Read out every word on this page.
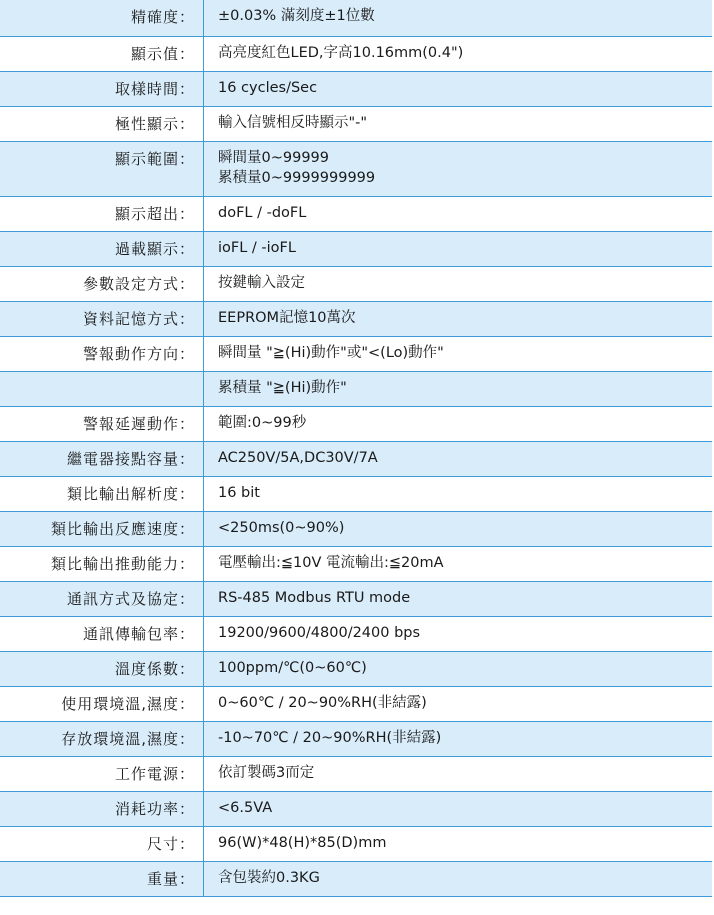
精確度：	±0.03% 滿刻度±1位數
顯示值：	高亮度紅色LED,字高10.16mm(0.4")
取樣時間：	16 cycles/Sec
極性顯示：	輸入信號相反時顯示"-"
顯示範圍：	瞬間量0~99999
累積量0~9999999999
顯示超出：	doFL / -doFL
過載顯示：	ioFL / -ioFL
參數設定方式：	按鍵輸入設定
資料記憶方式：	EEPROM記憶10萬次
警報動作方向：	瞬間量 "≧(Hi)動作"或"<(Lo)動作"
累積量 "≧(Hi)動作"
警報延遲動作：	範圍:0~99秒
繼電器接點容量：	AC250V/5A,DC30V/7A
類比輸出解析度：	16 bit
類比輸出反應速度：	<250ms(0~90%)
類比輸出推動能力：	電壓輸出:≦10V 電流輸出:≦20mA
通訊方式及協定：	RS-485 Modbus RTU mode
通訊傳輸包率：	19200/9600/4800/2400 bps
溫度係數：	100ppm/℃(0~60℃)
使用環境溫,濕度：	0~60℃ / 20~90%RH(非結露)
存放環境溫,濕度：	-10~70℃ / 20~90%RH(非結露)
工作電源：	依訂製碼3而定
消耗功率：	<6.5VA
尺寸：	96(W)*48(H)*85(D)mm
重量：	含包裝約0.3KG
